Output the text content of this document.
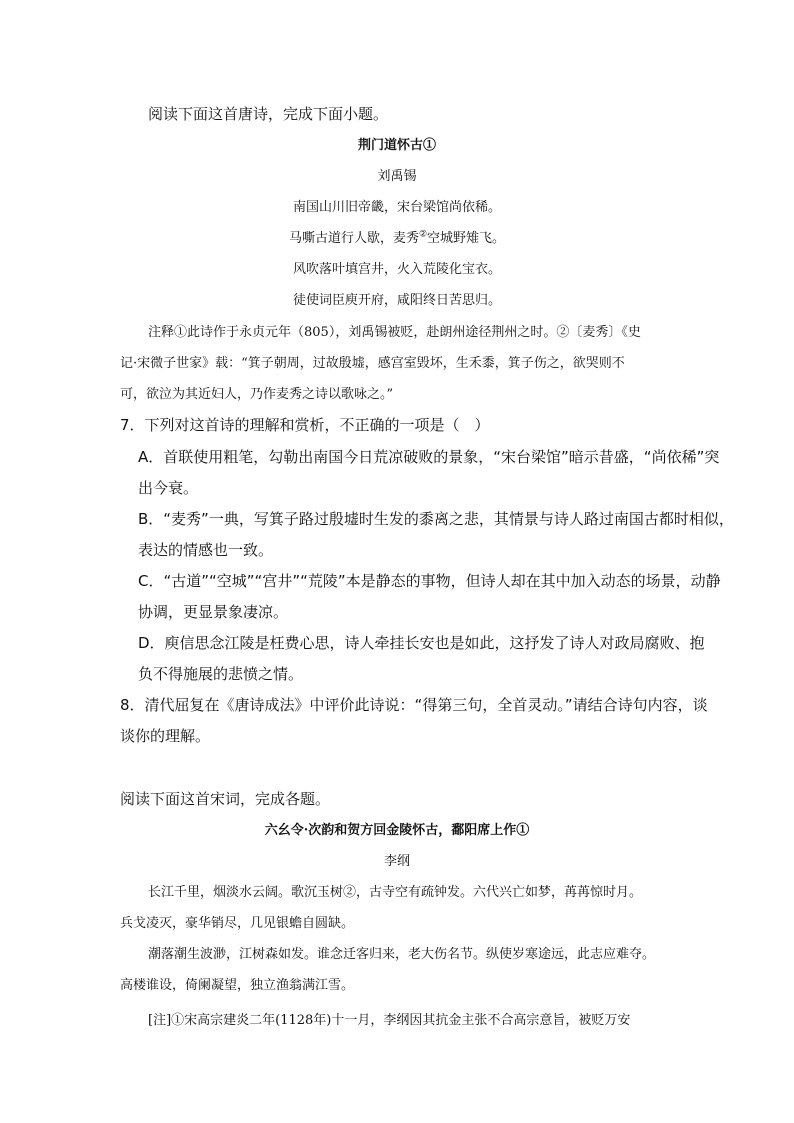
阅读下面这首唐诗，完成下面小题。
荆门道怀古①
刘禹锡
南国山川旧帝畿，宋台梁馆尚依稀。
马嘶古道行人歇，麦秀②空城野雉飞。
风吹落叶填宫井，火入荒陵化宝衣。
徒使词臣庾开府，咸阳终日苦思归。
注释①此诗作于永贞元年（805），刘禹锡被贬，赴朗州途径荆州之时。②〔麦秀〕《史
记·宋微子世家》载：“箕子朝周，过故殷墟，感宫室毁坏，生禾黍，箕子伤之，欲哭则不
可，欲泣为其近妇人，乃作麦秀之诗以歌咏之。”
7．下列对这首诗的理解和赏析，不正确的一项是（　）
A．首联使用粗笔，勾勒出南国今日荒凉破败的景象，“宋台梁馆”暗示昔盛，“尚依稀”突
出今衰。
B．“麦秀”一典，写箕子路过殷墟时生发的黍离之悲，其情景与诗人路过南国古都时相似，
表达的情感也一致。
C．“古道”“空城”“宫井”“荒陵”本是静态的事物，但诗人却在其中加入动态的场景，动静
协调，更显景象凄凉。
D．庾信思念江陵是枉费心思，诗人牵挂长安也是如此，这抒发了诗人对政局腐败、抱
负不得施展的悲愤之情。
8．清代屈复在《唐诗成法》中评价此诗说：“得第三句，全首灵动。”请结合诗句内容，谈
谈你的理解。
阅读下面这首宋词，完成各题。
六幺令·次韵和贺方回金陵怀古，鄱阳席上作①
李纲
长江千里，烟淡水云阔。歌沉玉树②，古寺空有疏钟发。六代兴亡如梦，苒苒惊时月。
兵戈凌灭，豪华销尽，几见银蟾自圆缺。
潮落潮生波渺，江树森如发。谁念迁客归来，老大伤名节。纵使岁寒途远，此志应难夺。
高楼谁设，倚阑凝望，独立渔翁满江雪。
[注]①宋高宗建炎二年(1128年)十一月，李纲因其抗金主张不合高宗意旨，被贬万安
